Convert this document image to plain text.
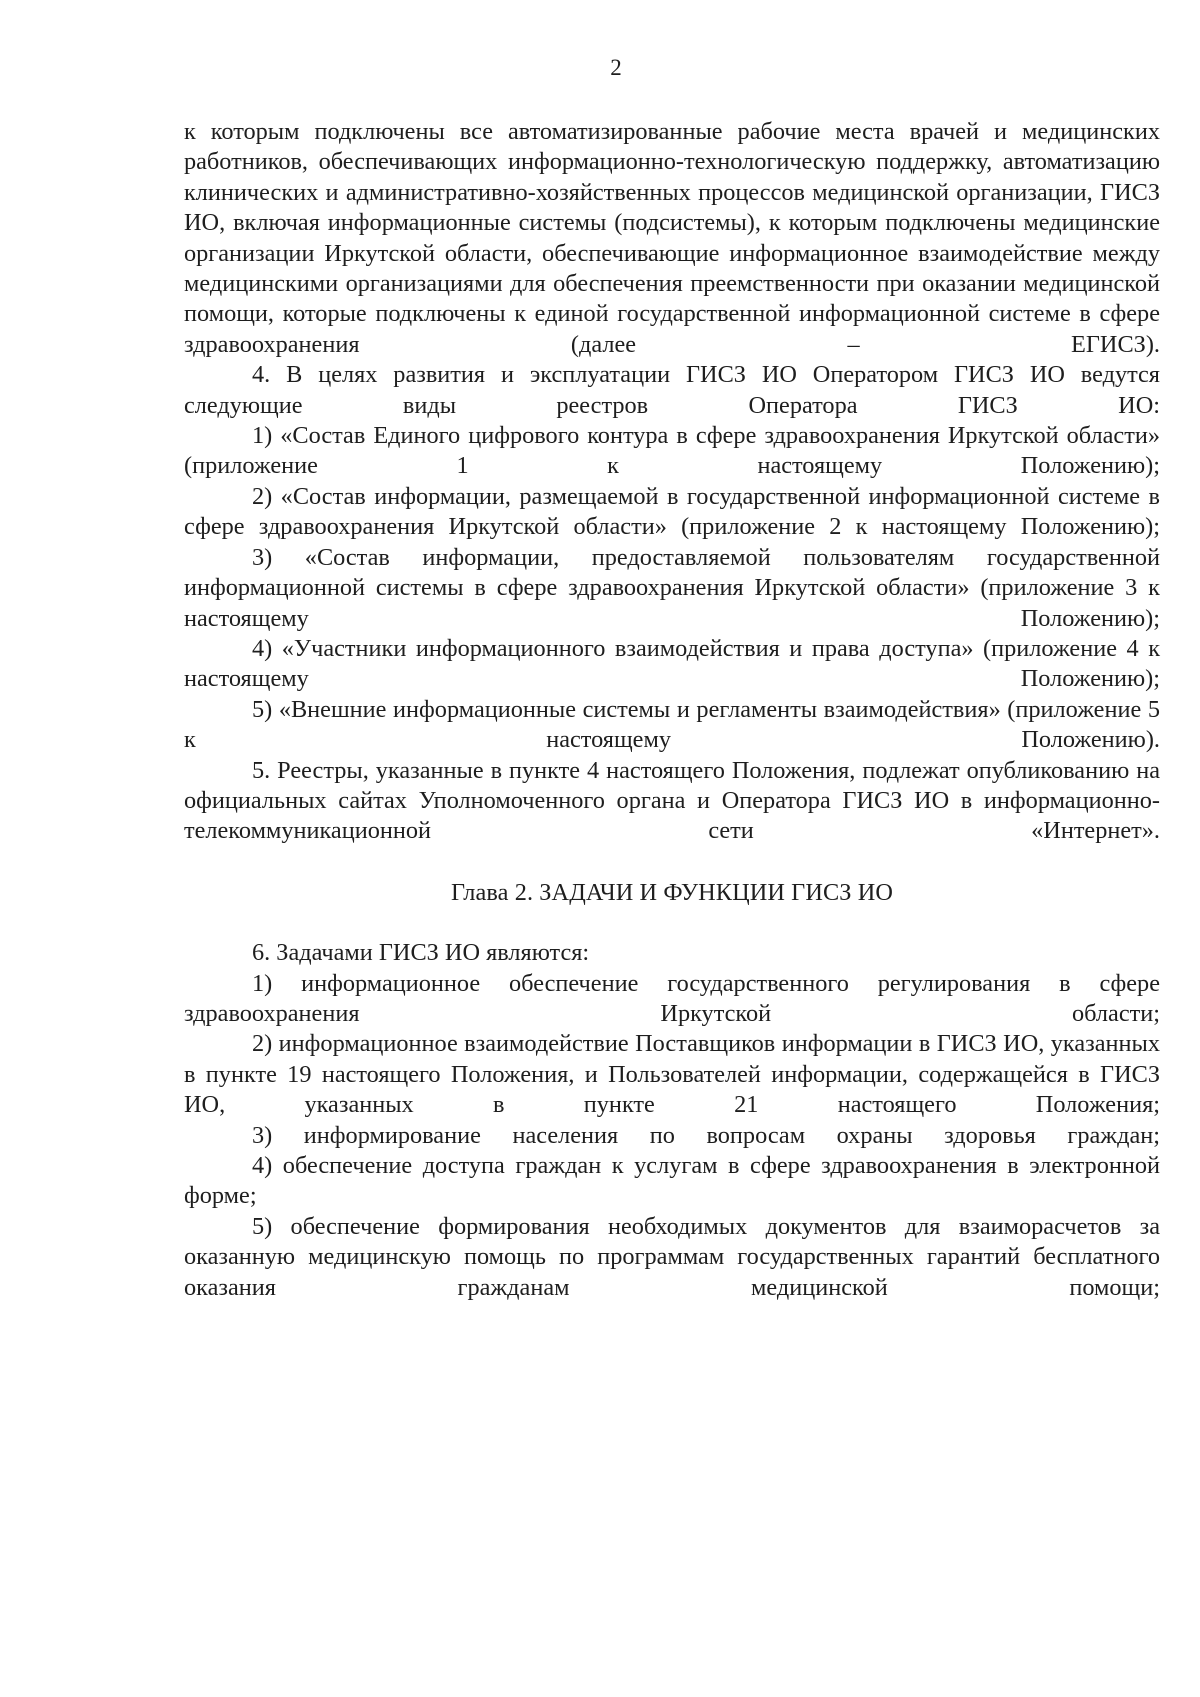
2

к которым подключены все автоматизированные рабочие места врачей и медицинских работников, обеспечивающих информационно-технологическую поддержку, автоматизацию клинических и административно-хозяйственных процессов медицинской организации, ГИСЗ ИО, включая информационные системы (подсистемы), к которым подключены медицинские организации Иркутской области, обеспечивающие информационное взаимодействие между медицинскими организациями для обеспечения преемственности при оказании медицинской помощи, которые подключены к единой государственной информационной системе в сфере здравоохранения (далее – ЕГИСЗ).

4. В целях развития и эксплуатации ГИСЗ ИО Оператором ГИСЗ ИО ведутся следующие виды реестров Оператора ГИСЗ ИО:

1) «Состав Единого цифрового контура в сфере здравоохранения Иркутской области» (приложение 1 к настоящему Положению);

2) «Состав информации, размещаемой в государственной информационной системе в сфере здравоохранения Иркутской области» (приложение 2 к настоящему Положению);

3) «Состав информации, предоставляемой пользователям государственной информационной системы в сфере здравоохранения Иркутской области» (приложение 3 к настоящему Положению);

4) «Участники информационного взаимодействия и права доступа» (приложение 4 к настоящему Положению);

5) «Внешние информационные системы и регламенты взаимодействия» (приложение 5 к настоящему Положению).

5. Реестры, указанные в пункте 4 настоящего Положения, подлежат опубликованию на официальных сайтах Уполномоченного органа и Оператора ГИСЗ ИО в информационно-телекоммуникационной сети «Интернет».

Глава 2. ЗАДАЧИ И ФУНКЦИИ ГИСЗ ИО

6. Задачами ГИСЗ ИО являются:

1) информационное обеспечение государственного регулирования в сфере здравоохранения Иркутской области;

2) информационное взаимодействие Поставщиков информации в ГИСЗ ИО, указанных в пункте 19 настоящего Положения, и Пользователей информации, содержащейся в ГИСЗ ИО, указанных в пункте 21 настоящего Положения;

3) информирование населения по вопросам охраны здоровья граждан;

4) обеспечение доступа граждан к услугам в сфере здравоохранения в электронной форме;

5) обеспечение формирования необходимых документов для взаиморасчетов за оказанную медицинскую помощь по программам государственных гарантий бесплатного оказания гражданам медицинской помощи;
